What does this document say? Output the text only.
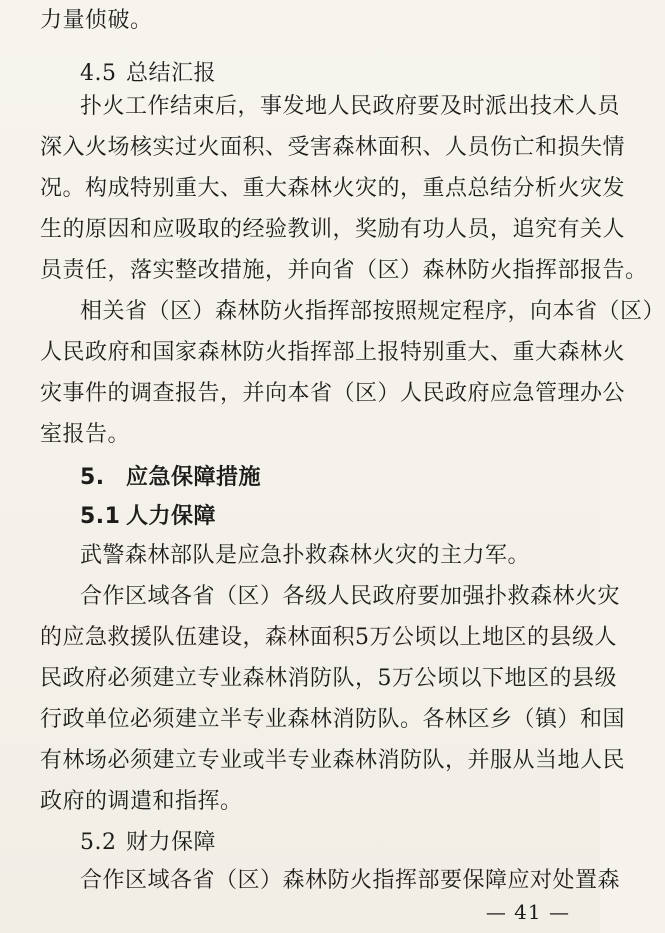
力量侦破。
4.5 总结汇报
扑火工作结束后，事发地人民政府要及时派出技术人员
深入火场核实过火面积、受害森林面积、人员伤亡和损失情
况。构成特别重大、重大森林火灾的，重点总结分析火灾发
生的原因和应吸取的经验教训，奖励有功人员，追究有关人
员责任，落实整改措施，并向省（区）森林防火指挥部报告。
相关省（区）森林防火指挥部按照规定程序，向本省（区）
人民政府和国家森林防火指挥部上报特别重大、重大森林火
灾事件的调查报告，并向本省（区）人民政府应急管理办公
室报告。
5. 应急保障措施
5.1 人力保障
武警森林部队是应急扑救森林火灾的主力军。
合作区域各省（区）各级人民政府要加强扑救森林火灾
的应急救援队伍建设，森林面积5万公顷以上地区的县级人
民政府必须建立专业森林消防队，5万公顷以下地区的县级
行政单位必须建立半专业森林消防队。各林区乡（镇）和国
有林场必须建立专业或半专业森林消防队，并服从当地人民
政府的调遣和指挥。
5.2 财力保障
合作区域各省（区）森林防火指挥部要保障应对处置森
— 41 —
